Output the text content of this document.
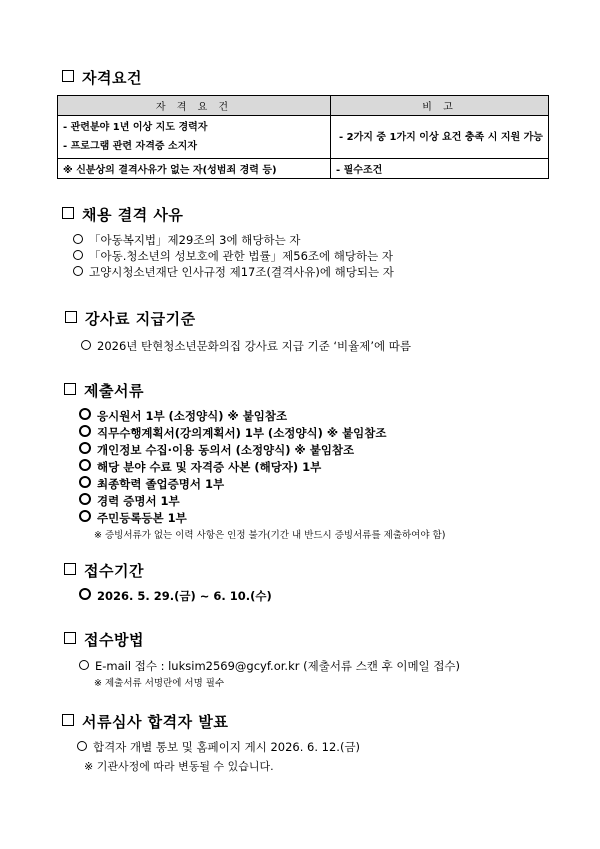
자격요건
자 격 요 건	비 고

- 관련분야 1년 이상 지도 경력자
- 프로그램 관련 자격증 소지자	- 2가지 중 1가지 이상 요건 충족 시 지원 가능
※ 신분상의 결격사유가 없는 자(성범죄 경력 등)	- 필수조건
채용 결격 사유
「아동복지법」제29조의 3에 해당하는 자
「아동.청소년의 성보호에 관한 법률」제56조에 해당하는 자
고양시청소년재단 인사규정 제17조(결격사유)에 해당되는 자
강사료 지급기준
2026년 탄현청소년문화의집 강사료 지급 기준 ‘비율제’에 따름
제출서류
응시원서 1부 (소정양식) ※ 붙임참조
직무수행계획서(강의계획서) 1부 (소정양식) ※ 붙임참조
개인정보 수집·이용 동의서 (소정양식) ※ 붙임참조
해당 분야 수료 및 자격증 사본 (해당자) 1부
최종학력 졸업증명서 1부
경력 증명서 1부
주민등록등본 1부
※ 증빙서류가 없는 이력 사항은 인정 불가(기간 내 반드시 증빙서류를 제출하여야 함)
접수기간
2026. 5. 29.(금) ~ 6. 10.(수)
접수방법
E-mail 접수 : luksim2569@gcyf.or.kr (제출서류 스캔 후 이메일 접수)
※ 제출서류 서명란에 서명 필수
서류심사 합격자 발표
합격자 개별 통보 및 홈페이지 게시 2026. 6. 12.(금)
※ 기관사정에 따라 변동될 수 있습니다.
